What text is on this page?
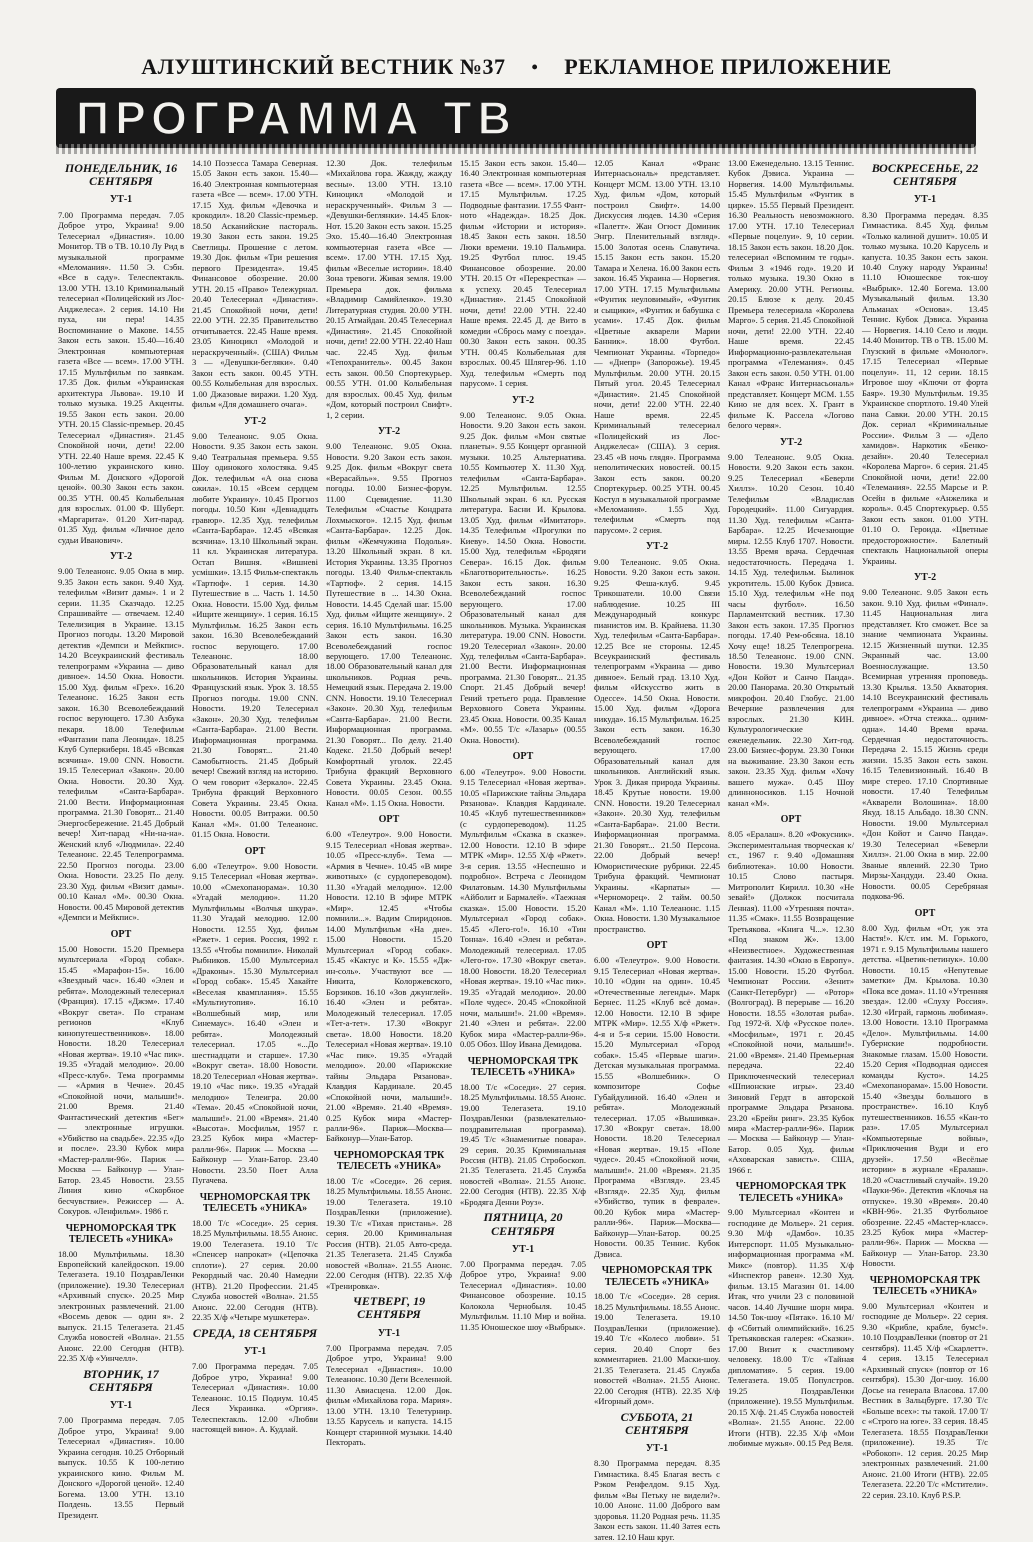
АЛУШТИНСКИЙ ВЕСТНИК №37 • РЕКЛАМНОЕ ПРИЛОЖЕНИЕ
ПРОГРАММА ТВ
ПОНЕДЕЛЬНИК, 16 СЕНТЯБРЯ
УТ-1

7.00 Программа передач. 7.05 Доброе утро, Украина! 9.00 Телесериал «Династия». 10.00 Монитор. ТВ о ТВ. 10.10 Лу Рид в музыкальной программе «Меломания». 11.50 Э. Сэбн. «Все в саду». Телеспектакль. 13.00 УТН. 13.10 Криминальный телесериал «Полицейский из Лос-Анджелеса». 2 серия. 14.10 Ни пуха, ни пера! 14.35 Воспоминание о Макове. 14.55 Закон есть закон. 15.40—16.40 Электронная компьютерная газета «Все — всем». 17.00 УТН. 17.15 Мультфильм по заявкам. 17.35 Док. фильм «Украинская архитектура Львова». 19.10 И только музыка. 19.25 Акценты. 19.55 Закон есть закон. 20.00 УТН. 20.15 Classic-премьер. 20.45 Телесериал «Династия». 21.45 Спокойной ночи, дети! 22.00 УТН. 22.40 Наше время. 22.45 К 100-летию украинского кино. Фильм М. Донского «Дорогой ценой». 00.30 Закон есть закон. 00.35 УТН. 00.45 Колыбельная для взрослых. 01.00 Ф. Шуберт. «Маргарита». 01.20 Хит-парад. 01.35 Худ. фильм «Личное дело судьи Иванович».

УТ-2

9.00 Телеанонс. 9.05 Окна в мир. 9.35 Закон есть закон. 9.40 Худ. телефильм «Визит дамы». 1 и 2 серии. 11.35 Сказчадо. 12.25 Спрашивайте — отвечаем. 12.40 Телелизиция в Украине. 13.15 Прогноз погоды. 13.20 Мировой детектив «Демпси и Мейкпис». 14.20 Всеукраинский фестиваль телепрограмм «Украина — диво дивное». 14.50 Окна. Новости. 15.00 Худ. фильм «Грех». 16.20 Телеанонс. 16.25 Закон есть закон. 16.30 Всеволебежданий госпос верующего. 17.30 Азбука пекаря. 18.00 Телефильм «Фантазии папа Леонида». 18.25 Клуб Суперкиберн. 18.45 «Всякая всячина». 19.00 CNN. Новости. 19.15 Телесериал «Закон». 20.00 Окна. Новости. 20.30 Худ. телефильм «Санта-Барбара». 21.00 Вести. Информационная программа. 21.30 Говорят... 21.40 Энергосбережение. 21.45 Добрый вечер! Хит-парад «Ни-на-на». Женский клуб «Людмила». 22.40 Телеанонс. 22.45 Телепрограмма. 22.50 Прогноз погоды. 23.00 Окна. Новости. 23.25 По делу. 23.30 Худ. фильм «Визит дамы». 00.10 Канал «М». 00.30 Окна. Новости. 00.45 Мировой детектив «Демпси и Мейкпис».

ОРТ

15.00 Новости. 15.20 Премьера мультсериала «Город собак». 15.45 «Марафон-15». 16.00 «Звездный час». 16.40 «Элен и ребята». Молодежный телесериал (Франция). 17.15 «Джэм». 17.40 «Вокруг света». По странам регионов «Клуб кинопутешественников». 18.00 Новости. 18.20 Телесериал «Новая жертва». 19.10 «Час пик». 19.35 «Угадай мелодию». 20.00 «Пресс-клуб». Тема программы — «Армия в Чечне». 20.45 «Спокойной ночи, малыши!». 21.00 Время. 21.40 Фантастический детектив «Бег» — электронные игрушки. «Убийство на свадьбе». 22.35 «До и после». 23.30 Кубок мира «Мастер-ралли-96». Париж — Москва — Байконур — Улан-Батор. 23.45 Новости. 23.55 Линия кино «Скорбное бесчувствие». Режиссер — А. Сокуров. «Ленфильм». 1986 г.

ЧЕРНОМОРСКАЯ ТРК ТЕЛЕСЕТЬ «УНИКА»

18.00 Мультфильмы. 18.30 Европейский калейдоскоп. 19.00 Телегазета. 19.10 ПоздравЛенки (приложение). 19.30 Телесериал «Архивный спуск». 20.25 Мир электронных развлечений. 21.00 «Восемь девок — один я». 2 выпуск. 21.15 Телегазета. 21.45 Служба новостей «Волна». 21.55 Анонс. 22.00 Сегодня (НТВ). 22.35 Х/ф «Уинчелл».

ВТОРНИК, 17 СЕНТЯБРЯ
УТ-1

7.00 Программа передач. 7.05 Доброе утро, Украина! 9.00 Телесериал «Династия». 10.00 Украина сегодня. 10.25 Отборный выпуск. 10.55 К 100-летию украинского кино. Фильм М. Донского «Дорогой ценой». 12.40 Богема. 13.00 УТН. 13.10 Полдень. 13.55 Первый Президент.

14.10 Поэзесса Тамара Северная. 15.05 Закон есть закон. 15.40—16.40 Электронная компьютерная газета «Все — всем». 17.00 УТН. 17.15 Худ. фильм «Девочка и крокодил». 18.20 Classic-премьер. 18.50 Асканийские пастораль. 19.30 Закон есть закон. 19.25 Светлицы. Прошение с летом. 19.30 Док. фильм «Три решения первого Президента». 19.45 Финансовое обозрение. 20.00 УТН. 20.15 «Право» Тележурнал. 20.40 Телесериал «Династия». 21.45 Спокойной ночи, дети! 22.00 УТН. 22.35 Правительство отчитывается. 22.45 Наше время. 23.05 Киноцикл «Молодой и нераскрученный». (США) Фильм 3 — «Девушки-бегляки». 0.40 Закон есть закон. 00.45 УТН. 00.55 Колыбельная для взрослых. 1.00 Джазовые виражи. 1.20 Худ. фильм «Для домашнего очага».

УТ-2

9.00 Телеанонс. 9.05 Окна. Новости. 9.35 Закон есть закон. 9.40 Театральная премьера. 9.55 Шоу одинокого холостяка. 9.45 Док. телефильм «А она снова ожила». 10.15 «Всем сердцем любите Украину». 10.45 Прогноз погоды. 10.50 Кин «Девнадцать гравюр». 12.35 Худ. телефильм «Санта-Барбара». 12.45 «Всякая всячина». 13.10 Школьный экран. 11 кл. Украинская литература. Остап Вишня. «Вишневі усмішки». 13.15 Фильм-спектакль «Тартюф». 1 серия. 14.30 Путешествие в ... Часть 1. 14.50 Окна. Новости. 15.00 Худ. фильм «Ищите женщину». 1 серия. 16.15 Мультфильм. 16.25 Закон есть закон. 16.30 Всеволебежданий госпос верующего. 17.00 Телеанонс. 18.00 Образовательный канал для школьников. История Украины. Французский язык. Урок 3. 18.55 Прогноз погоды. 19.00 CNN. Новости. 19.20 Телесериал «Закон». 20.30 Худ. телефильм «Санта-Барбара». 21.00 Вести. Информационная программа. 21.30 Говорят... 21.40 Самобытность. 21.45 Добрый вечер! Свежий взгляд на историю. О чем говорит «Зеркало». 22.45 Трибуна фракций Верховного Совета Украины. 23.45 Окна. Новости. 00.05 Витражи. 00.50 Канал «М». 01.00 Телеанонс. 01.15 Окна. Новости.

ОРТ

6.00 «Телеутро». 9.00 Новости. 9.15 Телесериал «Новая жертва». 10.00 «Смехопанорама». 10.30 «Угадай мелодию». 11.20 Мультфильмы «Волчья шкура». 11.30 Угадай мелодию. 12.00 Новости. 12.55 Худ. фильм «Ржет». 1 серия. Россия, 1992 г. 13.55 «Чтобы помнили». Николай Рыбников. 15.00 Мультсериал «Драконы». 15.30 Мультсериал «Город собак». 15.45 Хакайте «Веселая квамплания». 15.55 «Мультиутопия». 16.10 «Волшебный мир, или Синемаус». 16.40 «Элен и ребята». Молодежный телесериал. 17.05 «...До шестнадцати и старше». 17.30 «Вокруг света». 18.00 Новости. 18.20 Телесериал «Новая жертва». 19.10 «Час пик». 19.35 «Угадай мелодию» Телеигра. 20.00 «Тема». 20.45 «Спокойной ночи, малыши!». 21.00 «Время». 21.40 «Высота». Мосфильм, 1957 г. 23.25 Кубок мира «Мастер-ралли-96». Париж — Москва — Байконур — Улан-Батор. 23.40 Новости. 23.50 Поет Алла Пугачева.

ЧЕРНОМОРСКАЯ ТРК ТЕЛЕСЕТЬ «УНИКА»

18.00 Т/с «Соседи». 25 серия. 18.25 Мультфильмы. 18.55 Анонс. 19.00 Телегазета. 19.10 Т/с «Спенсер напрокат» («Цепочка сплоти»). 27 серия. 20.00 Рекордный час. 20.40 Намедни (НТВ). 21.20 Профессии. 21.45 Служба новостей «Волна». 21.55 Анонс. 22.00 Сегодня (НТВ). 22.35 Х/ф «Четыре мушкетера».

СРЕДА, 18 СЕНТЯБРЯ
УТ-1

7.00 Программа передач. 7.05 Доброе утро, Украина! 9.00 Телесериал «Династия». 10.00 Телеанонс. 10.15 Подиум. 10.45 Леся Украинка. «Оргия». Телеспектакль. 12.00 «Любви настоящей вино». А. Кудлай.

12.30 Док. телефильм «Михайлова гора. Жажду, жажду весны». 13.00 УТН. 13.10 Киноцикл «Молодой и нераскрученный». Фильм 3 — «Девушки-беглянки». 14.45 Блок-Нот. 15.20 Закон есть закон. 15.25 Эхо. 15.40—16.40 Электронная компьютерная газета «Все — всем». 17.00 УТН. 17.15 Худ. фильм «Веселые истории». 18.40 Зона тревоги. Живая земля. 19.00 Премьера док. фильма «Владимир Самийленко». 19.30 Литературная студия. 20.00 УТН. 20.15 Атмайдан. 20.45 Телесериал «Династия». 21.45 Спокойной ночи, дети! 22.00 УТН. 22.40 Наш час. 22.45 Худ. фильм «Тепохранитель». 00.45 Закон есть закон. 00.50 Спортекурьер. 00.55 УТН. 01.00 Колыбельная для взрослых. 00.45 Худ. фильм «Дом, который построил Свифт». 1, 2 серии.

УТ-2

9.00 Телеанонс. 9.05 Окна. Новости. 9.20 Закон есть закон. 9.25 Док. фильм «Вокруг света «Верасайль»». 9.55 Прогноз погоды. 10.00 Бизнес-форум. 11.00 Сцевидение. 11.30 Телефильм «Счастье Кондрата Лохмыского». 12.15 Худ. фильм «Санта-Барбара». 12.25 Док. фильм «Жемчужина Подолья». 13.20 Школьный экран. 8 кл. История Украины. 13.35 Прогноз погоды. 13.40 Фильм-спектакль «Тартюф». 2 серия. 14.15 Путешествие в ... 14.30 Окна. Новости. 14.45 Сделай шаг. 15.00 Худ. фильм «Ищите женщину». 2 серия. 16.10 Мультфильмы. 16.25 Закон есть закон. 16.30 Всеволебежданий госпос верующего. 17.00 Телеанонс. 18.00 Образовательный канал для школьников. Родная речь. Немецкий язык. Передача 2. 19.00 CNN. Новости. 19.10 Телесериал «Закон». 20.30 Худ. телефильм «Санта-Барбара». 21.00 Вести. Информационная программа. 21.30 Говорят... По делу. 21.40 Кодекс. 21.50 Добрый вечер! Комфортный уголок. 22.45 Трибуна фракций Верховного Совета Украины. 23.45 Окна. Новости. 00.05 Сезон. 00.55 Канал «М». 1.15 Окна. Новости.

ОРТ

6.00 «Телеутро». 9.00 Новости. 9.15 Телесериал «Новая жертва». 10.05 «Пресс-клуб». Тема — «Армия в Чечне». 10.45 «В мире животных» (с сурдопереводом). 11.30 «Угадай мелодию». 12.00 Новости. 12.10 В эфире МТРК «Мир». 12.45 «Чтобы помнили...». Вадим Спиридонов. 14.00 Мультфильм «На дне». 15.00 Новости. 15.20 Мультсериал «Город собак». 15.45 «Кактус и К». 15.55 «Дж-ин-соль». Участвуют все — Никита, Колоржевского, Борзиков. 16.10 «Зов джунглей». 16.40 «Элен и ребята». Молодежный телесериал. 17.05 «Тет-а-тет». 17.30 «Вокруг света». 18.00 Новости. 18.20 Телесериал «Новая жертва». 19.10 «Час пик». 19.35 «Угадай мелодию». 20.00 «Парижские тайны Эльдара Рязанова». Клавдия Кардинале. 20.45 «Спокойной ночи, малыши!». 21.00 «Время». 21.40 «Время». 0.25 Кубок мира «Мастер-ралли-96». Париж—Москва—Байконур—Улан-Батор.

ЧЕРНОМОРСКАЯ ТРК ТЕЛЕСЕТЬ «УНИКА»

18.00 Т/с «Соседи». 26 серия. 18.25 Мультфильмы. 18.55 Анонс. 19.00 Телегазета. 19.10 ПоздравЛенки (приложение). 19.30 Т/с «Тихая пристань». 28 серия. 20.00 Криминальная Россия (НТВ). 21.05 Авто-среда. 21.35 Телегазета. 21.45 Служба новостей «Волна». 21.55 Анонс. 22.00 Сегодня (НТВ). 22.35 Х/ф «Тренировка».

ЧЕТВЕРГ, 19 СЕНТЯБРЯ
УТ-1

7.00 Программа передач. 7.05 Доброе утро, Украина! 9.00 Телесериал «Династия». 10.00 Телеанонс. 10.30 Дети Вселенной. 11.30 Авиасцена. 12.00 Док. фильм «Михайлова гора. Мария». 13.00 УТН. 13.10 Телетурнир. 13.55 Карусель и капуста. 14.15 Концерт старинной музыки. 14.40 Пекторать.

15.15 Закон есть закон. 15.40—16.40 Электронная компьютерная газета «Все — всем». 17.00 УТН. 17.15 Мультфильм. 17.25 Подводные фантазии. 17.55 Фант-ното «Надежда». 18.25 Док. фильм «Истории и история». 18.45 Закон есть закон. 18.50 Люки времени. 19.10 Пальмира. 19.25 Футбол плюс. 19.45 Финансовое обозрение. 20.00 УТН. 20.15 От «Перекрестка» — к успеху. 20.45 Телесериал «Династия». 21.45 Спокойной ночи, дети! 22.00 УТН. 22.40 Наше время. 22.45 Д. де Вито в комедии «Сбрось маму с поезда». 00.30 Закон есть закон. 00.35 УТН. 00.45 Колыбельная для взрослых. 00.45 Шлягер-96. 1.10 Худ. телефильм «Смерть под парусом». 1 серия.

УТ-2

9.00 Телеанонс. 9.05 Окна. Новости. 9.20 Закон есть закон. 9.25 Док. фильм «Мон святые планеты». 9.55 Концерт органной музыки. 10.25 Альтернатива. 10.55 Компьютер Х. 11.30 Худ. телефильм «Санта-Барбара». 12.25 Мультфильм. 12.55 Школьный экран. 6 кл. Русская литература. Басни И. Крылова. 13.05 Худ. фильм «Имитатор». 14.35 Телефильм «Прогулки по Киеву». 14.50 Окна. Новости. 15.00 Худ. телефильм «Бродяги Севера». 16.15 Док. фильм «Благотворительность». 16.25 Закон есть закон. 16.30 Всеволебежданий госпос верующего. 17.00 Образовательный канал для школьников. Музыка. Украинская литература. 19.00 CNN. Новости. 19.20 Телесериал «Закон». 20.00 Худ. телефильм «Санта-Барбара». 21.00 Вести. Информационная программа. 21.30 Говорят... 21.35 Спорт. 21.45 Добрый вечер! Гений третьего рода. Правление Верховного Совета Украины. 23.45 Окна. Новости. 00.35 Канал «М». 00.55 Т/с «Лазарь» (00.55 Окна. Новости).

ОРТ

6.00 «Телеутро». 9.00 Новости. 9.15 Телесериал «Новая жертва». 10.05 «Парижские тайны Эльдара Рязанова». Клавдия Кардинале. 10.45 «Клуб путешественников» (с сурдопереводом). 11.25 Мультфильм «Сказка в сказке». 12.00 Новости. 12.10 В эфире МТРК «Мир». 12.55 Х/ф «Ржет». 3-я серия. 13.55 «Неспешно и подробно». Встреча с Леонидом Филатовым. 14.30 Мультфильмы «Айболит и Бармалей». «Таежная сказка». 15.00 Новости. 15.20 Мультсериал «Город собак». 15.45 «Лего-го!». 16.10 «Тин Тонна». 16.40 «Элен и ребята». Молодежный телесериал. 17.05 «Лего-го». 17.30 «Вокруг света». 18.00 Новости. 18.20 Телесериал «Новая жертва». 19.10 «Час пик». 19.35 «Угадай мелодию». 20.00 «Поле чудес». 20.45 «Спокойной ночи, малыши!». 21.00 «Время». 21.40 «Элен и ребята». 22.00 Кубок мира «Мастер-ралли-96». 0.05 Обоз. Шоу Ивана Демидова.

ЧЕРНОМОРСКАЯ ТРК ТЕЛЕСЕТЬ «УНИКА»

18.00 Т/с «Соседи». 27 серия. 18.25 Мультфильмы. 18.55 Анонс. 19.00 Телегазета. 19.10 ПоздравЛенки (развлекательно-поздравительная программа). 19.45 Т/с «Знаменитые повара». 29 серия. 20.35 Криминальная Россия (НТВ). 21.05 Стробоскоп. 21.35 Телегазета. 21.45 Служба новостей «Волна». 21.55 Анонс. 22.00 Сегодня (НТВ). 22.35 Х/ф «Бродяга Денни Роуз».

ПЯТНИЦА, 20 СЕНТЯБРЯ
УТ-1

7.00 Программа передач. 7.05 Доброе утро, Украина! 9.00 Телесериал «Династия». 10.00 Финансовое обозрение. 10.15 Колокола Чернобыля. 10.45 Мультфильм. 11.10 Мир и война. 11.35 Юношеское шоу «Выбрык».

12.05 Канал «Франс Интернасьональ» представляет. Концерт МСМ. 13.00 УТН. 13.10 Худ. фильм «Дом, который построил Свифт». 14.00 Дискуссия людев. 14.30 «Серия «Палетт». Жан Огюст Доминик Энгр. Пленительный взгляд». 15.00 Золотая осень Славутича. 15.15 Закон есть закон. 15.20 Тамара и Хелена. 16.00 Закон есть закон. 16.45 Украина — Норвегия. 17.00 УТН. 17.15 Мультфильмы «Фунтик неуловимый», «Фунтик и сыщики», «Фунтик и бабушка с усами». 17.45 Док. фильм «Цветные акварели Марии Банник». 18.00 Футбол. Чемпионат Украины. «Торпедо» — «Днепр» (Запорожье). 19.45 Мультфильм. 20.00 УТН. 20.15 Пятый угол. 20.45 Телесериал «Династия». 21.45 Спокойной ночи, дети! 22.00 УТН. 22.40 Наше время. 22.45 Криминальный телесериал «Полицейский из Лос-Анджелеса» (США). 3 серия. 23.45 «В ночь глядя». Программа неполитических новостей. 00.15 Закон есть закон. 00.20 Спортекурьер. 00.25 УТН. 00.45 Костул в музыкальной программе «Меломания». 1.55 Худ. телефильм «Смерть под парусом». 2 серия.

УТ-2

9.00 Телеанонс. 9.05 Окна. Новости. 9.20 Закон есть закон. 9.25 Феша-клуб. 9.45 Трикошатели. 10.00 Связи наблюдение. 10.25 III Международный конкурс пианистов им. В. Крайнева. 11.30 Худ. телефильм «Санта-Барбара». 12.25 Все не стороны. 12.45 Всеукраинский фестиваль телепрограмм «Украина — диво дивное». Белый град. 13.10 Худ. фильм «Искусство жить в Одессе». 14.50 Окна. Новости. 15.00 Худ. фильм «Дорога никуда». 16.15 Мультфильм. 16.25 Закон есть закон. 16.30 Всеволебежданий госпос верующего. 17.00 Образовательный канал для школьников. Английский язык. Урок 3. Дикая природа Украины. 18.45 Крутые новости. 19.00 CNN. Новости. 19.20 Телесериал «Закон». 20.30 Худ. телефильм «Санта-Барбара». 21.00 Вести. Информационная программа. 21.30 Говорят... 21.50 Персона. 22.00 Добрый вечер! Юмористические рубрики. 22.45 Трибуна фракций. Чемпионат Украины. «Карпаты» — «Черноморец». 2 тайм. 00.50 Канал «М». 1.10 Телеанонс. 1.15 Окна. Новости. 1.30 Музыкальное пространство.

ОРТ

6.00 «Телеутро». 9.00 Новости. 9.15 Телесериал «Новая жертва». 10.10 «Один на один». 10.45 «Отечественные легенды». Марк Бернес. 11.25 «Клуб всё дома». 12.00 Новости. 12.10 В эфире МТРК «Мир». 12.55 Х/ф «Ржет». 4-я и 5-я серии. 15.00 Новости. 15.20 Мультсериал «Город собак». 15.45 «Первые шаги». Детская музыкальная программа. 15.55 «Волшебник». О композиторе Софье Губайдулиной. 16.40 «Элен и ребята». Молодежный телесериал. 17.05 «Вышивка». 17.30 «Вокруг света». 18.00 Новости. 18.20 Телесериал «Новая жертва». 19.15 «Поле чудес». 20.45 «Спокойной ночи, малыши!». 21.00 «Время». 21.35 Программа «Взгляд». 23.45 «Взгляд». 22.35 Худ. фильм «Убийство, тупик в феврале». 00.20 Кубок мира «Мастер-ралли-96». Париж—Москва—Байконур—Улан-Батор. 00.25 Новости. 00.35 Теннис. Кубок Дэвиса.

ЧЕРНОМОРСКАЯ ТРК ТЕЛЕСЕТЬ «УНИКА»

18.00 Т/с «Соседи». 28 серия. 18.25 Мультфильмы. 18.55 Анонс. 19.00 Телегазета. 19.10 ПоздравЛенки (приложение). 19.40 Т/с «Колесо любви». 51 серия. 20.40 Спорт без комментариев. 21.00 Маски-шоу. 21.35 Телегазета. 21.45 Служба новостей «Волна». 21.55 Анонс. 22.00 Сегодня (НТВ). 22.35 Х/ф «Игорный дом».

СУББОТА, 21 СЕНТЯБРЯ
УТ-1

8.30 Программа передач. 8.35 Гимнастика. 8.45 Благая весть с Рэком Ренфелдом. 9.15 Худ. фильм «Вы Петьку не видели?». 10.00 Анонс. 11.00 Доброго вам здоровья. 11.20 Родная речь. 11.35 Закон есть закон. 11.40 Затея есть затея. 12.10 Наш круг.

13.00 Еженедельно. 13.15 Теннис. Кубок Дэвиса. Украина — Норвегия. 14.00 Мультфильмы. 15.45 Мультфильм «Фунтик в цирке». 15.55 Первый Президент. 16.30 Реальность невозможного. 17.00 УТН. 17.10 Телесериал «Первые поцелуи». 9, 10 серии. 18.15 Закон есть закон. 18.20 Док. телесериал «Вспомним те годы». Фильм 3 «1946 год». 19.20 И только музыка. 19.30 Окно в Америку. 20.00 УТН. Регионы. 20.15 Блюзе к делу. 20.45 Премьера телесериала «Королева Марго». 5 серия. 21.45 Спокойной ночи, дети! 22.00 УТН. 22.40 Наше время. 22.45 Информационно-развлекательная программа «Телемания». 0.45 Закон есть закон. 0.50 УТН. 01.00 Канал «Франс Интернасьональ» представляет. Концерт МСМ. 1.55 Кино не для всех. Х. Грант в фильме К. Рассела «Логово белого червя».

УТ-2

9.00 Телеанонс. 9.05 Окна. Новости. 9.20 Закон есть закон. 9.25 Телесериал «Беверли Хиллз». 10.20 Сезон. 10.40 Телефильм «Владислав Городецкий». 11.00 Сигуардия. 11.30 Худ. телефильм «Санта-Барбара». 12.25 Исчезающие миры. 12.55 Клуб 1707. Новости. 13.55 Время врача. Сердечная недостаточность. Передача 1. 14.15 Худ. телефильм. Былинок укротитель. 15.00 Кубок Дэвиса. 15.10 Худ. телефильм «Не под часы футбол». 16.50 Парламентский вестник. 17.30 Закон есть закон. 17.35 Прогноз погоды. 17.40 Рем-обсяна. 18.10 Хочу еще! 18.25 Телепрогрена. 18.50 Телеанонс. 19.00 CNN. Новости. 19.30 Мультсериал «Дон Койот и Санчо Панда». 20.00 Панорама. 20.30 Открытый микрофон. 20.40 Глобус. 21.00 Вечерние развлечения для взрослых. 21.30 КИН. Культурологические еженедельник. 22.30 Хит-год. 23.00 Бизнес-форум. 23.30 Гонки на выживание. 23.30 Закон есть закон. 23.35 Худ. фильм «Хочу вашего мужа». 0.45 Шоу длинноносиков. 1.15 Ночной канал «М».

ОРТ

8.05 «Ералаш». 8.20 «Фокусник». Экспериментальная творческая к/ст., 1967 г. 9.40 «Домашняя библиотека». 10.00 Новости. 10.15 Слово пастыря. Митрополит Кирилл. 10.30 «Не зевай!» (Должок посчитала Ленная). 11.00 «Утренняя почта». 11.35 «Смак». 11.55 Возвращение Третьякова. «Книга Ч...». 12.30 «Под знаком Ж». 13.00 «Неизвестное». Художественная фантазия. 14.30 «Окно в Европу». 15.00 Новости. 15.20 Футбол. Чемпионат России. «Зенит» (Санкт-Петербург) — «Ротор» (Волгоград). В перерыве — 16.20 Новости. 18.55 «Золотая рыба». Год 1972-й. Х/ф «Русское поле». «Мосфильм», 1971 г. 20.45 «Спокойной ночи, малыши!». 21.00 «Время». 21.40 Премьерная передача. 22.40 Приключенческий телесериал «Шпионские игры». 23.40 Зиновий Гердт в авторской программе Эльдара Рязанова. 23.20 «Брейн ринг». 23.35 Кубок мира «Мастер-ралли-96». Париж — Москва — Байконур — Улан-Батор. 0.05 Худ. фильм «Аховарская зависть». США, 1966 г.

ЧЕРНОМОРСКАЯ ТРК ТЕЛЕСЕТЬ «УНИКА»

9.00 Мультсериал «Контен и господине де Мольер». 21 серия. 9.30 М/ф «Дамбо». 10.35 Интерспорт. 11.05 Музыкально-информационная программа «М. Микс» (повтор). 11.35 Х/ф «Инспектор равен». 12.30 Худ. фильм. 13.15 Магазин 01. 14.00 Итак, что учили 23 с половиной часов. 14.40 Лучшие шорн мира. 14.50 Ток-шоу «Пятак». 16.10 М/ф «Сбитый олимпийский». 16.25 Третьяковская галерея: «Сказки». 17.00 Визит к счастливому человеку. 18.00 Т/с «Тайная дипломатия». 5 серия. 19.00 Телегазета. 19.05 Популстров. 19.25 ПоздравЛенки (приложение). 19.55 Мультфильм. 20.15 Х/ф. 21.45 Служба новостей «Волна». 21.55 Анонс. 22.00 Итоги (НТВ). 22.35 Х/ф «Мои любимые мужья». 00.15 Ред Веля.

ВОСКРЕСЕНЬЕ, 22 СЕНТЯБРЯ
УТ-1

8.30 Программа передач. 8.35 Гимнастика. 8.45 Худ. фильм «Только калиной душит». 10.05 И только музыка. 10.20 Карусель и капуста. 10.35 Закон есть закон. 10.40 Служу народу Украины! 11.10 Юношеское ток-шоу «Выбрык». 12.40 Богема. 13.00 Музыкальный фильм. 13.30 Альманах «Основа». 13.45 Теннис. Кубок Дэвиса. Украина — Норвегия. 14.10 Село и люди. 14.40 Монитор. ТВ о ТВ. 15.00 М. Глузский в фильме «Монолог». 17.15 Телесериал «Первые поцелуи». 11, 12 серии. 18.15 Игровое шоу «Ключи от форта Баяр». 19.30 Мультфильм. 19.35 Украинское спортлото. 19.40 Улей пана Савки. 20.00 УТН. 20.15 Док. сериал «Криминальные России». Фильм 3 — «Дело хамидов». Наркотик «Бенко-дезайн». 20.40 Телесериал «Королева Марго». 6 серия. 21.45 Спокойной ночи, дети! 22.00 «Телемания». 22.55 Марсье и Р. Осейн в фильме «Анжелика и король». 0.45 Спортекурьер. 0.55 Закон есть закон. 01.00 УТН. 01.10 О. Героида. «Цветные предосторожности». Балетный спектакль Национальной оперы Украины.

УТ-2

9.00 Телеанонс. 9.05 Закон есть закон. 9.10 Худ. фильм «Финал». 11.45 Национальная лига представляет. Кто сможет. Все за знание чемпионата Украины. 12.15 Жизненный шутки. 12.35 Экранный час. 13.00 Военнослужащие. 13.50 Всемирная утренняя проповедь. 13.30 Крылья. 13.50 Акватория. 14.10 Всеукраинский фестиваль телепрограмм «Украина — диво дивное». «Отча стежка... одним-одна». 14.40 Время врача. Сердечная недостаточность. Передача 2. 15.15 Жизнь среди жизни. 15.35 Закон есть закон. 16.15 Телевизионный. 16.40 В мире стерео. 17.10 Спортивные новости. 17.40 Телефильм «Акварели Волошина». 18.00 Якуд. 18.15 Альбадо. 18.30 CNN. Новости. 19.00 Мультсериал «Дон Койот и Санчо Панда». 19.30 Телесериал «Беверли Хиллз». 21.00 Окна в мир. 22.00 Званые явлений. 22.30 Трио Мирзы-Хандуди. 23.40 Окна. Новости. 00.05 Серебряная подкова-96.

ОРТ

8.00 Худ. фильм «От, уж эта Настя!». К/ст. им. М. Горького, 1971 г. 9.15 Мультфильмы нашего детства. «Цветик-петинук». 10.00 Новости. 10.15 «Непутевые заметки» Дм. Крылова. 10.30 «Пока все дома». 11.10 «Утренняя звезда». 12.00 «Слуху Россия». 12.30 «Играй, гармонь любимая». 13.00 Новости. 13.10 Программа «Дело». Мультфильмы. 14.00 Губернские подробности. Знакомые глазам. 15.00 Новости. 15.20 Серия «Подводная одиссея команды Кусто». 14.25 «Смехопанорама». 15.00 Новости. 15.40 «Звезды большого в пространстве». 16.10 Клуб путешественников. 16.55 «Кан-то раз». 17.05 Мультсериал «Компьютерные войны», «Приключения Вуди и его друзей». 17.50 «Весёлые истории» в журнале «Ералаш». 18.20 «Счастливый случай». 19.20 «Пауки-96». Детектив «Клочья на отпуске». 19.30 «Время». 20.40 «КВН-96». 21.35 Футбольное обозрение. 22.45 «Мастер-класс». 23.25 Кубок мира «Мастер-ралли-96». Париж — Москва — Байконур — Улан-Батор. 23.30 Новости.

ЧЕРНОМОРСКАЯ ТРК ТЕЛЕСЕТЬ «УНИКА»

9.00 Мультсериал «Контен и господине де Мольер». 22 серия. 9.30 «Крибле, крабле, бумс!». 10.10 ПоздравЛенки (повтор от 21 сентября). 11.45 Х/ф «Скарлетт». 4 серия. 13.15 Телесериал «Архивный спуск» (повтор от 16 сентября). 15.30 Дог-шоу. 16.00 Досье на генерала Власова. 17.00 Вестник в Зальцбурге. 17.30 Т/с «Больше всех»: ты такой. 17.00 Т/с «Строго на юге». 33 серия. 18.45 Телегазета. 18.55 ПоздравЛенки (приложение). 19.35 Т/с «Робокоп». 12 серия. 20.25 Мир электронных развлечений. 21.00 Анонс. 21.00 Итоги (НТВ). 22.05 Телегазета. 22.20 Т/с «Мстители». 22 серия. 23.10. Клуб P.S.P.
